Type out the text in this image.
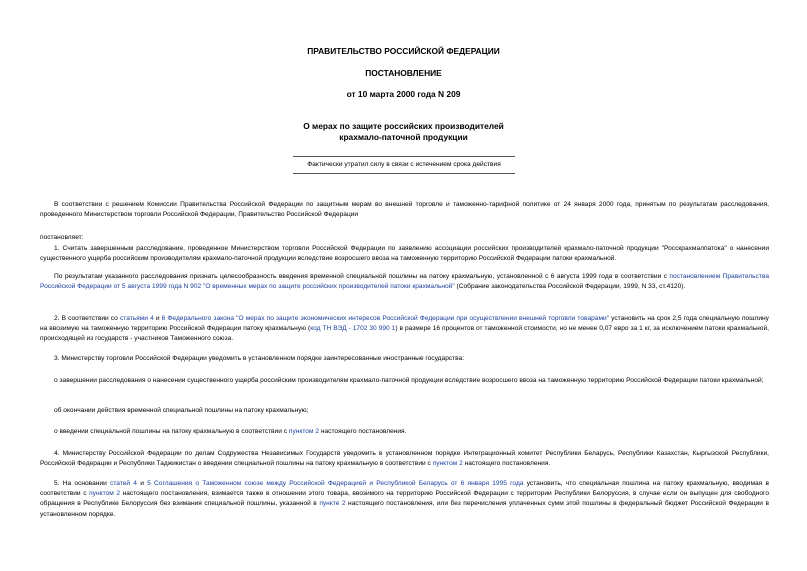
ПРАВИТЕЛЬСТВО РОССИЙСКОЙ ФЕДЕРАЦИИ
ПОСТАНОВЛЕНИЕ
от 10 марта 2000 года N 209
О мерах по защите российских производителей
крахмало-паточной продукции
Фактически утратил силу в связи с истечением срока действия
В соответствии с решением Комиссии Правительства Российской Федерации по защитным мерам во внешней торговле и таможенно-тарифной политике от 24 января 2000 года, принятым по результатам расследования, проведенного Министерством торговли Российской Федерации, Правительство Российской Федерации
постановляет:
1. Считать завершенным расследование, проведенное Министерством торговли Российской Федерации по заявлению ассоциации российских производителей крахмало-паточной продукции "Росскрахмалпатока" о нанесении существенного ущерба российским производителям крахмало-паточной продукции вследствие возросшего ввоза на таможенную территорию Российской Федерации патоки крахмальной.
По результатам указанного расследования признать целесообразность введения временной специальной пошлины на патоку крахмальную, установленной с 6 августа 1999 года в соответствии с постановлением Правительства Российской Федерации от 5 августа 1999 года N 902 "О временных мерах по защите российских производителей патоки крахмальной" (Собрание законодательства Российской Федерации, 1999, N 33, ст.4120).
2. В соответствии со статьями 4 и 6 Федерального закона "О мерах по защите экономических интересов Российской Федерации при осуществлении внешней торговли товарами" установить на срок 2,5 года специальную пошлину на ввозимую на таможенную территорию Российской Федерации патоку крахмальную (код ТН ВЭД - 1702 30 990 1) в размере 16 процентов от таможенной стоимости, но не менее 0,07 евро за 1 кг, за исключением патоки крахмальной, происходящей из государств - участников Таможенного союза.
3. Министерству торговли Российской Федерации уведомить в установленном порядке заинтересованные иностранные государства:
о завершении расследования о нанесении существенного ущерба российским производителям крахмало-паточной продукции вследствие возросшего ввоза на таможенную территорию Российской Федерации патоки крахмальной;
об окончании действия временной специальной пошлины на патоку крахмальную;
о введении специальной пошлины на патоку крахмальную в соответствии с пунктом 2 настоящего постановления.
4. Министерству Российской Федерации по делам Содружества Независимых Государств уведомить в установленном порядке Интеграционный комитет Республики Беларусь, Республики Казахстан, Кыргызской Республики, Российской Федерации и Республики Таджикистан о введении специальной пошлины на патоку крахмальную в соответствии с пунктом 2 настоящего постановления.
5. На основании статей 4 и 5 Соглашения о Таможенном союзе между Российской Федерацией и Республикой Беларусь от 6 января 1995 года установить, что специальная пошлина на патоку крахмальную, вводимая в соответствии с пунктом 2 настоящего постановления, взимается также в отношении этого товара, ввозимого на территорию Российской Федерации с территории Республики Белоруссия, в случае если он выпущен для свободного обращения в Республике Белоруссия без взимания специальной пошлины, указанной в пункте 2 настоящего постановления, или без перечисления уплаченных сумм этой пошлины в федеральный бюджет Российской Федерации в установленном порядке.
